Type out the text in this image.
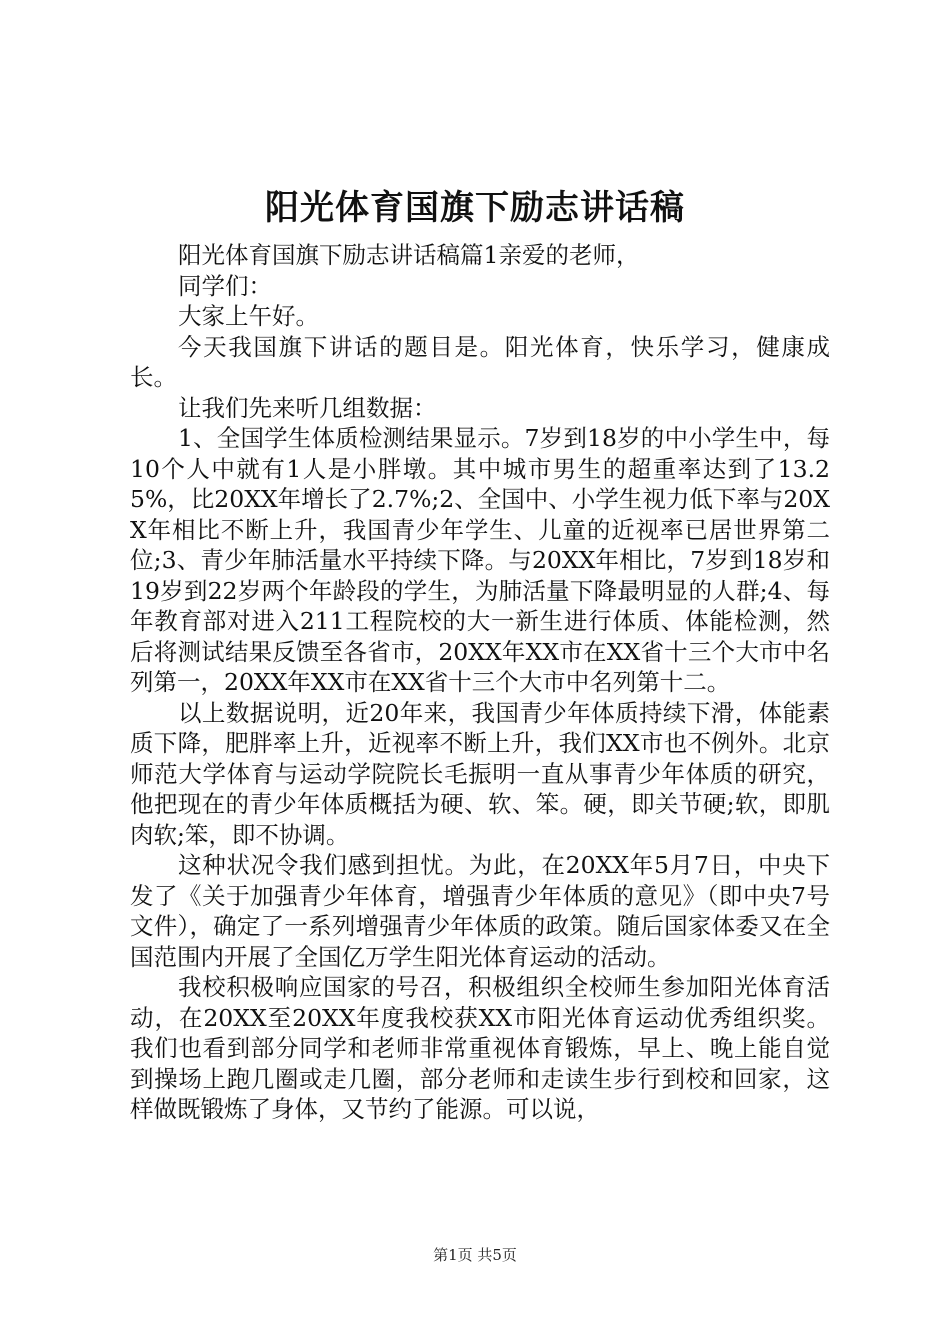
阳光体育国旗下励志讲话稿

阳光体育国旗下励志讲话稿篇1亲爱的老师，

同学们：

大家上午好。

今天我国旗下讲话的题目是。阳光体育，快乐学习，健康成长。

让我们先来听几组数据：

1、全国学生体质检测结果显示。7岁到18岁的中小学生中，每10个人中就有1人是小胖墩。其中城市男生的超重率达到了13.25%，比20XX年增长了2.7%;2、全国中、小学生视力低下率与20XX年相比不断上升，我国青少年学生、儿童的近视率已居世界第二位;3、青少年肺活量水平持续下降。与20XX年相比，7岁到18岁和19岁到22岁两个年龄段的学生，为肺活量下降最明显的人群;4、每年教育部对进入211工程院校的大一新生进行体质、体能检测，然后将测试结果反馈至各省市，20XX年XX市在XX省十三个大市中名列第一，20XX年XX市在XX省十三个大市中名列第十二。

以上数据说明，近20年来，我国青少年体质持续下滑，体能素质下降，肥胖率上升，近视率不断上升，我们XX市也不例外。北京师范大学体育与运动学院院长毛振明一直从事青少年体质的研究，他把现在的青少年体质概括为硬、软、笨。硬，即关节硬;软，即肌肉软;笨，即不协调。

这种状况令我们感到担忧。为此，在20XX年5月7日，中央下发了《关于加强青少年体育，增强青少年体质的意见》（即中央7号文件），确定了一系列增强青少年体质的政策。随后国家体委又在全国范围内开展了全国亿万学生阳光体育运动的活动。

我校积极响应国家的号召，积极组织全校师生参加阳光体育活动，在20XX至20XX年度我校获XX市阳光体育运动优秀组织奖。我们也看到部分同学和老师非常重视体育锻炼，早上、晚上能自觉到操场上跑几圈或走几圈，部分老师和走读生步行到校和回家，这样做既锻炼了身体，又节约了能源。可以说，

第1页 共5页
